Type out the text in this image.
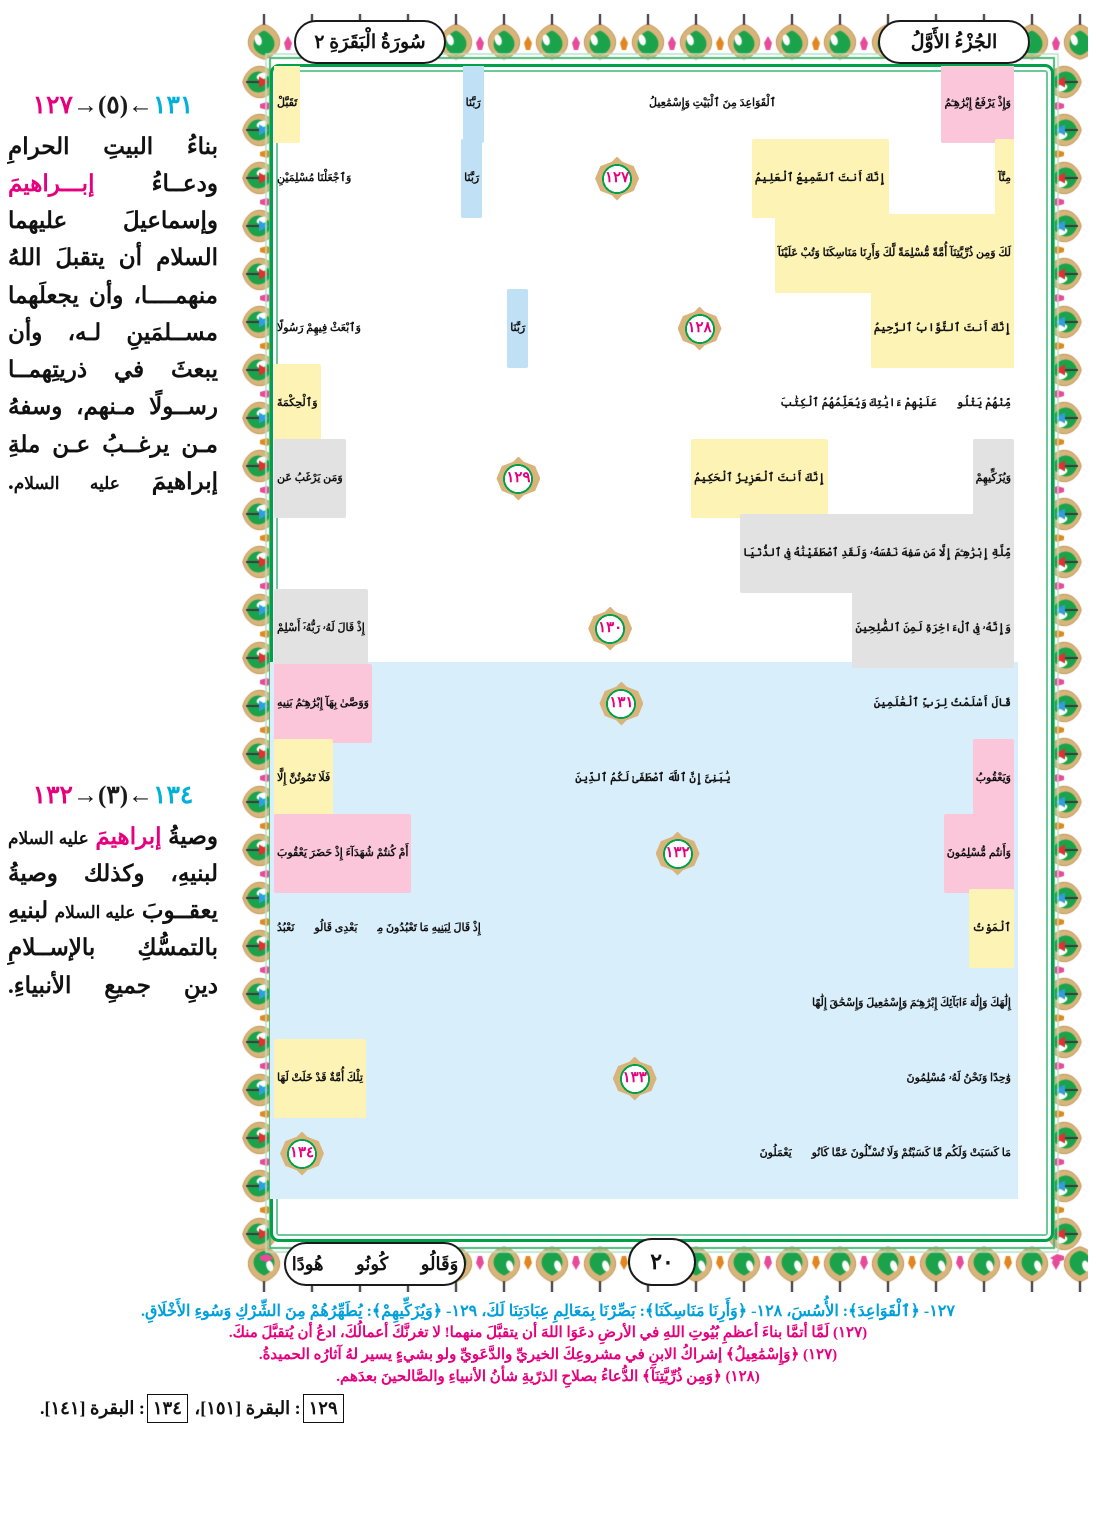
١٣١←(٥)→١٢٧
بناءُ البيتِ الحرامِ ودعــاءُ إبـــراهيمَ وإسماعيلَ عليهما السلام أن يتقبلَ اللهُ منهمــــا، وأن يجعلَهما مســلمَينِ لـه، وأن يبعثَ في ذريتِهمــا رســولًا مـنهم، وسفهُ مـن يرغــبُ عـن ملةِ إبراهيمَ عليه السلام.
١٣٤←(٣)→١٣٢
وصيةُ إبراهيمَ عليه السلام لبنيهِ، وكذلك وصيةُ يعقــوبَ عليه السلام لبنيهِ بالتمسُّكِ بالإســلامِ دينِ جميعِ الأنبياءِ.
سُورَةُ الْبَقَرَةِ ٢	الجُزْءُ الأَوَّلُ
وَقَالُوا۟ كُونُوا۟ هُودًا	٢٠
وَإِذْ يَرْفَعُ إِبْرَٰهِـۧمُ
ٱلْقَوَاعِدَ مِنَ ٱلْبَيْتِ وَإِسْمَٰعِيلُ
رَبَّنَا
تَقَبَّلْ
مِنَّآ
إِنَّكَ أَنتَ ٱلسَّمِيعُ ٱلْعَلِيمُ
١٢٧
رَبَّنَا
وَٱجْعَلْنَا مُسْلِمَيْنِ
لَكَ وَمِن ذُرِّيَّتِنَآ أُمَّةً مُّسْلِمَةً لَّكَ وَأَرِنَا مَنَاسِكَنَا وَتُبْ عَلَيْنَآ
إِنَّكَ أَنتَ ٱلتَّوَّابُ ٱلرَّحِيمُ
١٢٨
رَبَّنَا
وَٱبْعَثْ فِيهِمْ رَسُولًا
مِّنْهُمْ يَتْلُوا۟ عَلَيْهِمْ ءَايَٰتِكَ وَيُعَلِّمُهُمُ ٱلْكِتَٰبَ
وَٱلْحِكْمَةَ
وَيُزَكِّيهِمْ
إِنَّكَ أَنتَ ٱلْعَزِيزُ ٱلْحَكِيمُ
١٢٩
وَمَن يَرْغَبُ عَن
مِّلَّةِ إِبْرَٰهِـۧمَ إِلَّا مَن سَفِهَ نَفْسَهُۥ وَلَقَدِ ٱصْطَفَيْنَٰهُ فِى ٱلدُّنْيَا
وَإِنَّهُۥ فِى ٱلْءَاخِرَةِ لَمِنَ ٱلصَّٰلِحِينَ
١٣٠
إِذْ قَالَ لَهُۥ رَبُّهُۥٓ أَسْلِمْ
قَالَ أَسْلَمْتُ لِرَبِّ ٱلْعَٰلَمِينَ
١٣١
وَوَصَّىٰ بِهَآ إِبْرَٰهِـۧمُ بَنِيهِ
وَيَعْقُوبُ
يَٰبَنِىَّ إِنَّ ٱللَّهَ ٱصْطَفَىٰ لَكُمُ ٱلدِّينَ
فَلَا تَمُوتُنَّ إِلَّا
وَأَنتُم مُّسْلِمُونَ
١٣٢
أَمْ كُنتُمْ شُهَدَآءَ إِذْ حَضَرَ يَعْقُوبَ
ٱلْمَوْتُ
إِذْ قَالَ لِبَنِيهِ مَا تَعْبُدُونَ مِنۢ بَعْدِى قَالُوا۟ نَعْبُدُ
إِلَٰهَكَ وَإِلَٰهَ ءَابَآئِكَ إِبْرَٰهِـۧمَ وَإِسْمَٰعِيلَ وَإِسْحَٰقَ إِلَٰهًا
وَٰحِدًا وَنَحْنُ لَهُۥ مُسْلِمُونَ
١٣٣
تِلْكَ أُمَّةٌ قَدْ خَلَتْ لَهَا
مَا كَسَبَتْ وَلَكُم مَّا كَسَبْتُمْ وَلَا تُسْـَٔلُونَ عَمَّا كَانُوا۟ يَعْمَلُونَ
١٣٤
١٢٧- ﴿ٱلْقَوَاعِدَ﴾: الأُسُسَ، ١٢٨- ﴿وَأَرِنَا مَنَاسِكَنَا﴾: بَصِّرْنَا بِمَعَالِمِ عِبَادَتِنَا لَكَ، ١٢٩- ﴿وَيُزَكِّيهِمْ﴾: يُطَهِّرُهُمْ مِنَ الشِّرْكِ وَسُوءِ الأَخْلَاقِ.
(١٢٧) لَمَّا أتمَّا بناءَ أعظمِ بُيُوتِ اللهِ في الأرضِ دعَوَا اللهَ أن يتقبَّلَ منهما! لا تغرنَّكَ أعمالُكَ، ادعُ أن يُتقبَّلَ منكَ.
(١٢٧) ﴿وَإِسْمَٰعِيلُ﴾ إشراكُ الابنِ في مشروعِكَ الخيريِّ والدَّعَويِّ ولو بشيءٍ يسير لهُ آثارُه الحميدةُ.
(١٢٨) ﴿وَمِن ذُرِّيَّتِنَآ﴾ الدُّعاءُ بصلاحِ الذرّيةِ شأنُ الأنبياءِ والصَّالحينَ بعدَهم.
١٢٩: البقرة [١٥١]، ١٣٤: البقرة [١٤١].
